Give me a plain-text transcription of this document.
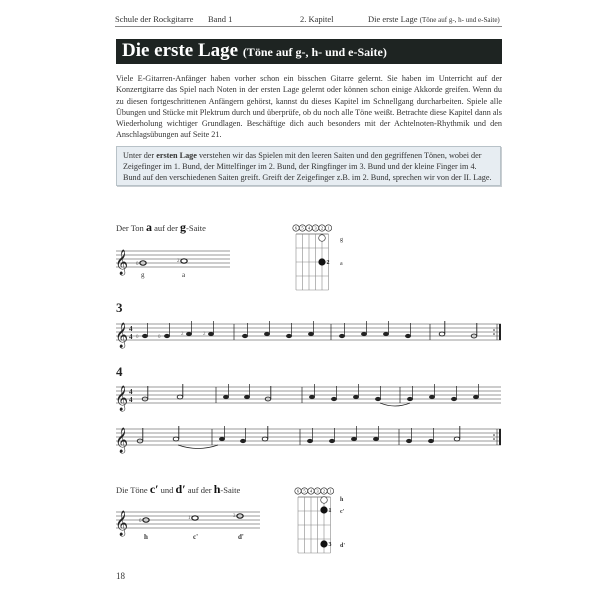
Schule der Rockgitarre Band 1	2. Kapitel	Die erste Lage (Töne auf g-, h- und e-Saite)
Die erste Lage (Töne auf g-, h- und e-Saite)
Viele E-Gitarren-Anfänger haben vorher schon ein bisschen Gitarre gelernt. Sie haben im Unterricht auf der Konzertgitarre das Spiel nach Noten in der ersten Lage gelernt oder können schon einige Akkorde greifen. Wenn du zu diesen fortgeschrittenen Anfängern gehörst, kannst du dieses Kapitel im Schnellgang durcharbeiten. Spiele alle Übungen und Stücke mit Plektrum durch und überprüfe, ob du noch alle Töne weißt. Betrachte diese Kapitel dann als Wiederholung wichtiger Grundlagen. Beschäftige dich auch besonders mit der Achtelnoten-Rhythmik und den Anschlagsübungen auf Seite 21.

Unter der ersten Lage verstehen wir das Spielen mit den leeren Saiten und den gegriffenen Tönen, wobei der Zeigefinger im 1. Bund, der Mittelfinger im 2. Bund, der Ringfinger im 3. Bund und der kleine Finger im 4. Bund auf den verschiedenen Saiten greift. Greift der Zeigefinger z.B. im 2. Bund, sprechen wir von der II. Lage.

Der Ton a auf der g-Saite
𝄞 0
2
g	a
6 5 4 3 2 1
2
g
a
3
𝄞 4
4 0	0
2	2
4
𝄞 4
4
𝄞
Die Töne c′ und d′ auf der h-Saite
𝄞 0
1	3
h	c'	d'
6 5 4 3 2 1
1
3
h
c'
d'
18
